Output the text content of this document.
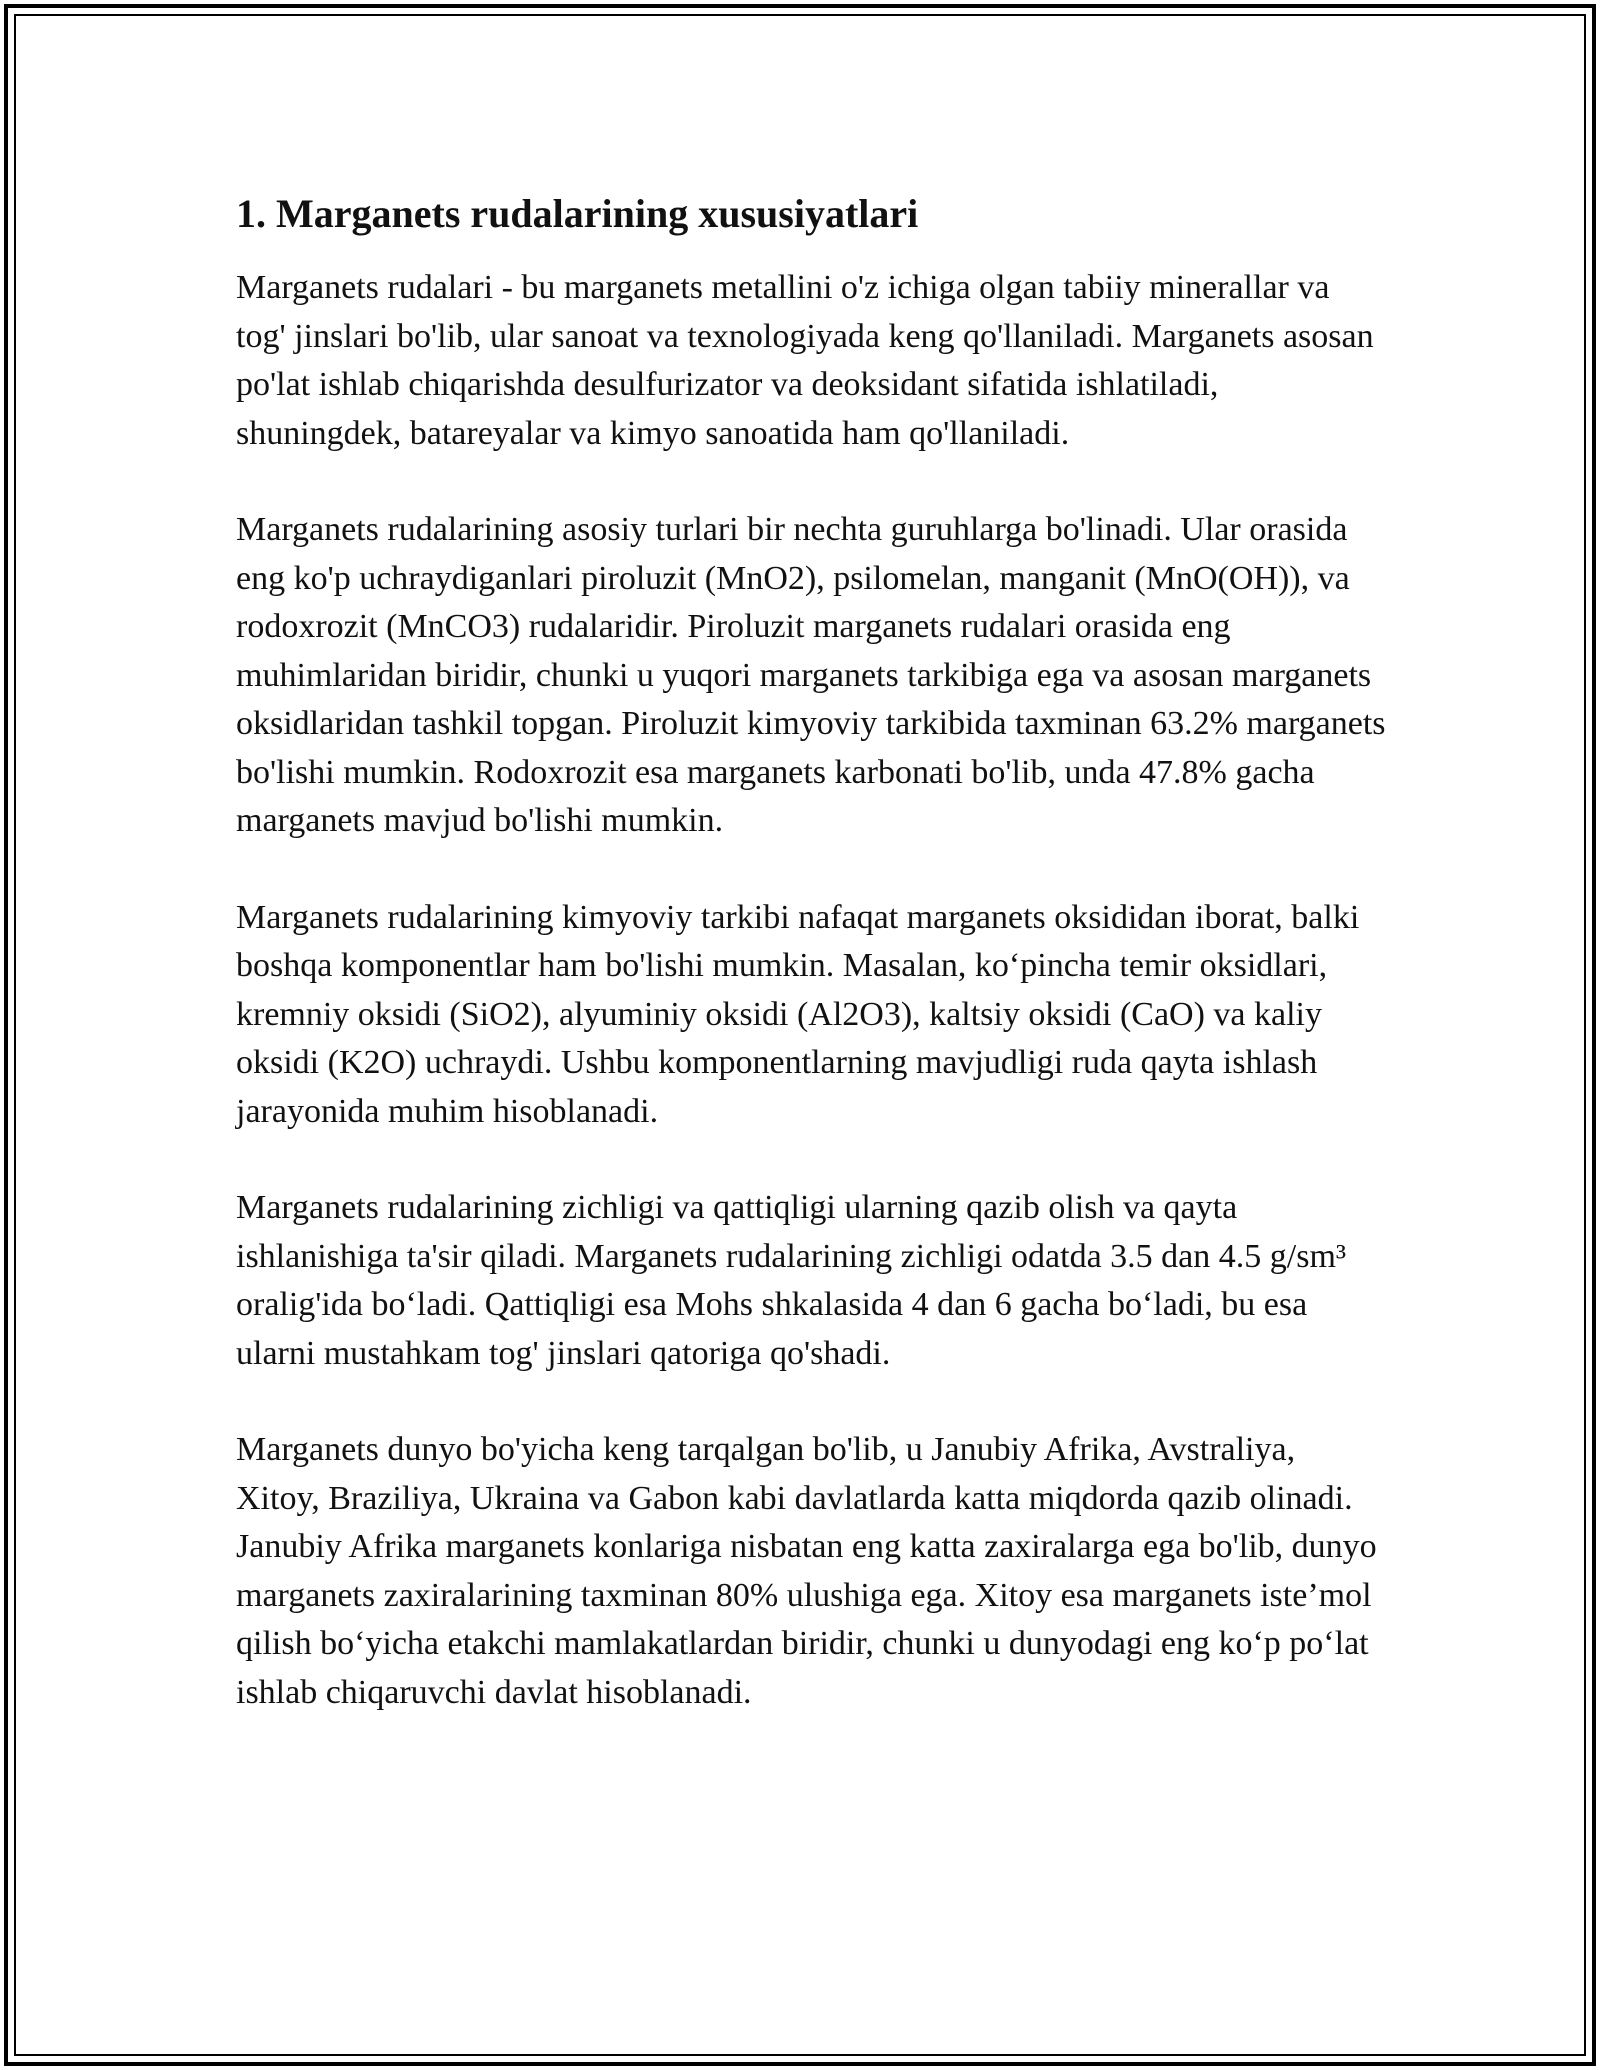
1. Marganets rudalarining xususiyatlari

Marganets rudalari - bu marganets metallini o'z ichiga olgan tabiiy minerallar va tog' jinslari bo'lib, ular sanoat va texnologiyada keng qo'llaniladi. Marganets asosan po'lat ishlab chiqarishda desulfurizator va deoksidant sifatida ishlatiladi, shuningdek, batareyalar va kimyo sanoatida ham qo'llaniladi.

Marganets rudalarining asosiy turlari bir nechta guruhlarga bo'linadi. Ular orasida eng ko'p uchraydiganlari piroluzit (MnO2), psilomelan, manganit (MnO(OH)), va rodoxrozit (MnCO3) rudalaridir. Piroluzit marganets rudalari orasida eng muhimlaridan biridir, chunki u yuqori marganets tarkibiga ega va asosan marganets oksidlaridan tashkil topgan. Piroluzit kimyoviy tarkibida taxminan 63.2% marganets bo'lishi mumkin. Rodoxrozit esa marganets karbonati bo'lib, unda 47.8% gacha marganets mavjud bo'lishi mumkin.

Marganets rudalarining kimyoviy tarkibi nafaqat marganets oksididan iborat, balki boshqa komponentlar ham bo'lishi mumkin. Masalan, ko‘pincha temir oksidlari, kremniy oksidi (SiO2), alyuminiy oksidi (Al2O3), kaltsiy oksidi (CaO) va kaliy oksidi (K2O) uchraydi. Ushbu komponentlarning mavjudligi ruda qayta ishlash jarayonida muhim hisoblanadi.

Marganets rudalarining zichligi va qattiqligi ularning qazib olish va qayta ishlanishiga ta'sir qiladi. Marganets rudalarining zichligi odatda 3.5 dan 4.5 g/sm³ oralig'ida bo‘ladi. Qattiqligi esa Mohs shkalasida 4 dan 6 gacha bo‘ladi, bu esa ularni mustahkam tog' jinslari qatoriga qo'shadi.

Marganets dunyo bo'yicha keng tarqalgan bo'lib, u Janubiy Afrika, Avstraliya, Xitoy, Braziliya, Ukraina va Gabon kabi davlatlarda katta miqdorda qazib olinadi. Janubiy Afrika marganets konlariga nisbatan eng katta zaxiralarga ega bo'lib, dunyo marganets zaxiralarining taxminan 80% ulushiga ega. Xitoy esa marganets iste’mol qilish bo‘yicha etakchi mamlakatlardan biridir, chunki u dunyodagi eng ko‘p po‘lat ishlab chiqaruvchi davlat hisoblanadi.
